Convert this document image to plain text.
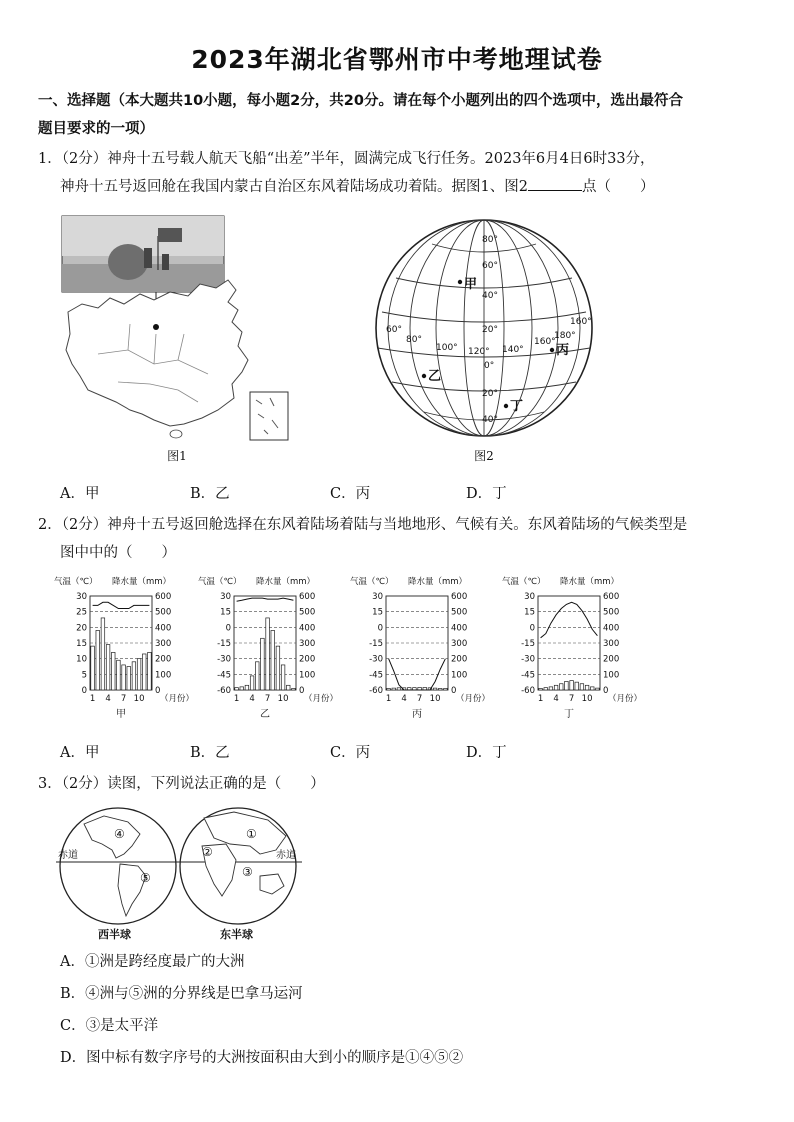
2023年湖北省鄂州市中考地理试卷
一、选择题（本大题共10小题，每小题2分，共20分。请在每个小题列出的四个选项中，选出最符合
题目要求的一项）
1．（2分）神舟十五号载人航天飞船“出差”半年，圆满完成飞行任务。2023年6月4日6时33分，
神舟十五号返回舱在我国内蒙古自治区东风着陆场成功着陆。据图1、图2	点（　　）
图1
80°
60°
40°
20°
0°
20°
40°
60°
80°
100° 120° 140°
160°
180°
160°
甲
乙
丙
丁
图2
A．甲	B．乙	C．丙	D．丁
2．（2分）神舟十五号返回舱选择在东风着陆场着陆与当地地形、气候有关。东风着陆场的气候类型是
图中中的（　　）
气温（℃） 降水量（mm）
0
5
10
15
20
25
30
0
100
200
300
400
500
600
1 4 7 10 （月份）
甲
气温（℃） 降水量（mm）
-60
-45
-30
-15
0
15
30
0
100
200
300
400
500
600
1 4 7 10 （月份）
乙
气温（℃） 降水量（mm）
-60
-45
-30
-15
0
15
30
0
100
200
300
400
500
600
1 4 7 10 （月份）
丙
气温（℃） 降水量（mm）
-60
-45
-30
-15
0
15
30
0
100
200
300
400
500
600
1 4 7 10 （月份）
丁
A．甲	B．乙	C．丙	D．丁
3．（2分）读图，下列说法正确的是（　　）
④
⑤
①
②
③
赤道	赤道
西半球	东半球
A．①洲是跨经度最广的大洲
B．④洲与⑤洲的分界线是巴拿马运河
C．③是太平洋
D．图中标有数字序号的大洲按面积由大到小的顺序是①④⑤②
